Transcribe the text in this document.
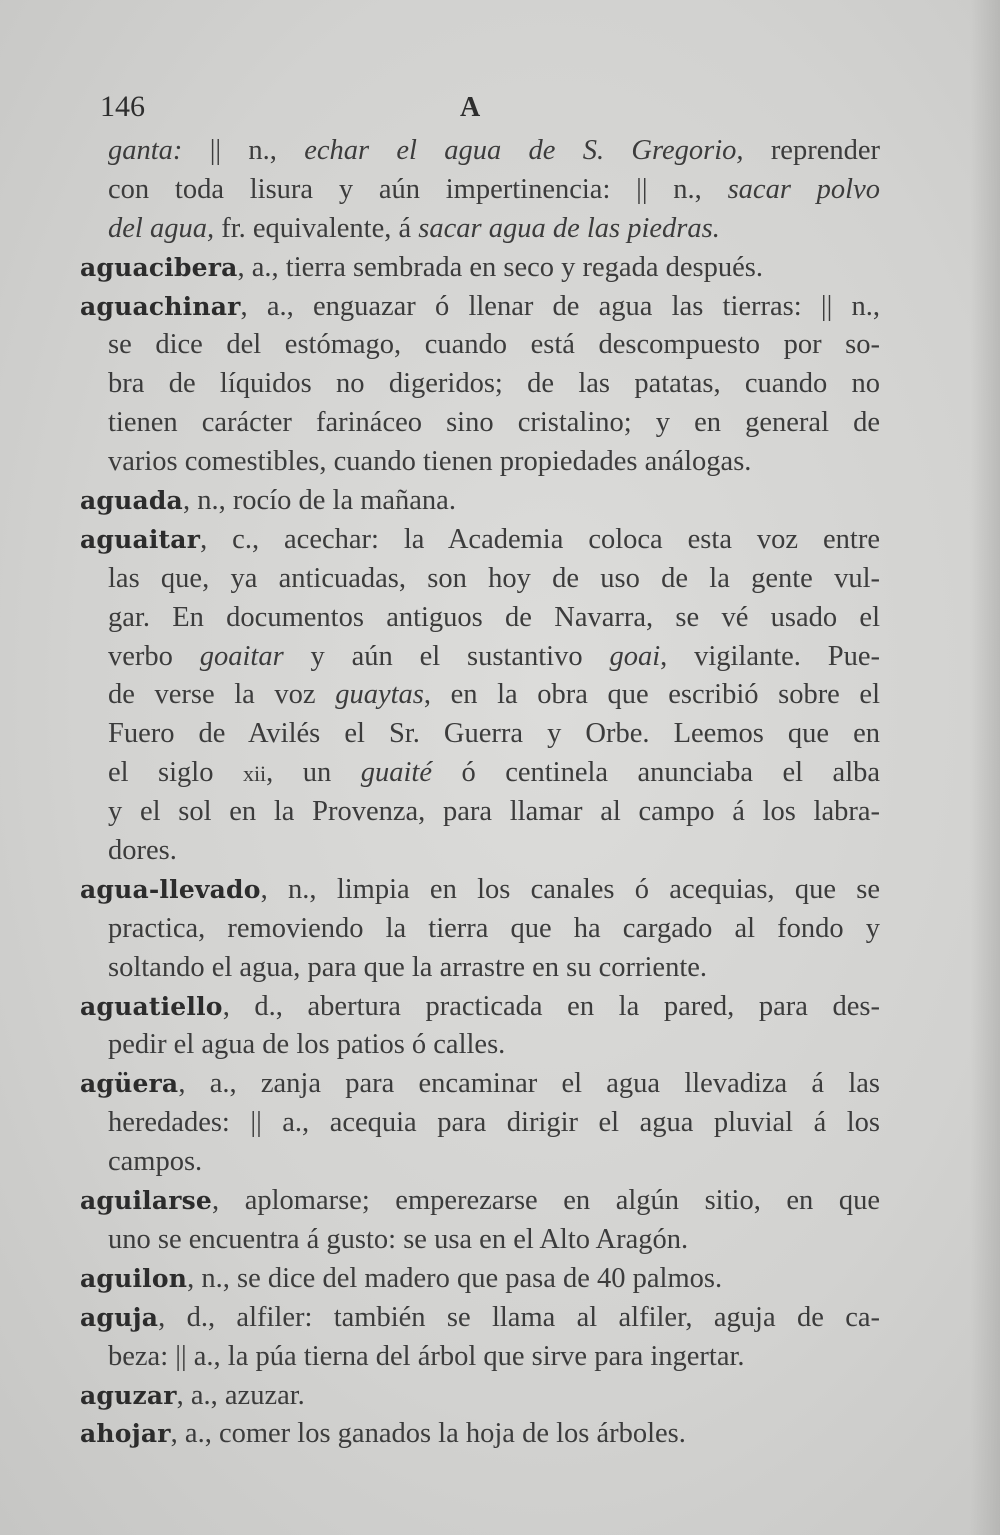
146	A
ganta: || n., echar el agua de S. Gregorio, reprender
con toda lisura y aún impertinencia: || n., sacar polvo
del agua, fr. equivalente, á sacar agua de las piedras.
aguacibera, a., tierra sembrada en seco y regada después.
aguachinar, a., enguazar ó llenar de agua las tierras: || n.,
se dice del estómago, cuando está descompuesto por so-
bra de líquidos no digeridos; de las patatas, cuando no
tienen carácter farináceo sino cristalino; y en general de
varios comestibles, cuando tienen propiedades análogas.
aguada, n., rocío de la mañana.
aguaitar, c., acechar: la Academia coloca esta voz entre
las que, ya anticuadas, son hoy de uso de la gente vul-
gar. En documentos antiguos de Navarra, se vé usado el
verbo goaitar y aún el sustantivo goai, vigilante. Pue-
de verse la voz guaytas, en la obra que escribió sobre el
Fuero de Avilés el Sr. Guerra y Orbe. Leemos que en
el siglo xii, un guaité ó centinela anunciaba el alba
y el sol en la Provenza, para llamar al campo á los labra-
dores.
agua-llevado, n., limpia en los canales ó acequias, que se
practica, removiendo la tierra que ha cargado al fondo y
soltando el agua, para que la arrastre en su corriente.
aguatiello, d., abertura practicada en la pared, para des-
pedir el agua de los patios ó calles.
agüera, a., zanja para encaminar el agua llevadiza á las
heredades: || a., acequia para dirigir el agua pluvial á los
campos.
aguilarse, aplomarse; emperezarse en algún sitio, en que
uno se encuentra á gusto: se usa en el Alto Aragón.
aguilon, n., se dice del madero que pasa de 40 palmos.
aguja, d., alfiler: también se llama al alfiler, aguja de ca-
beza: || a., la púa tierna del árbol que sirve para ingertar.
aguzar, a., azuzar.
ahojar, a., comer los ganados la hoja de los árboles.
